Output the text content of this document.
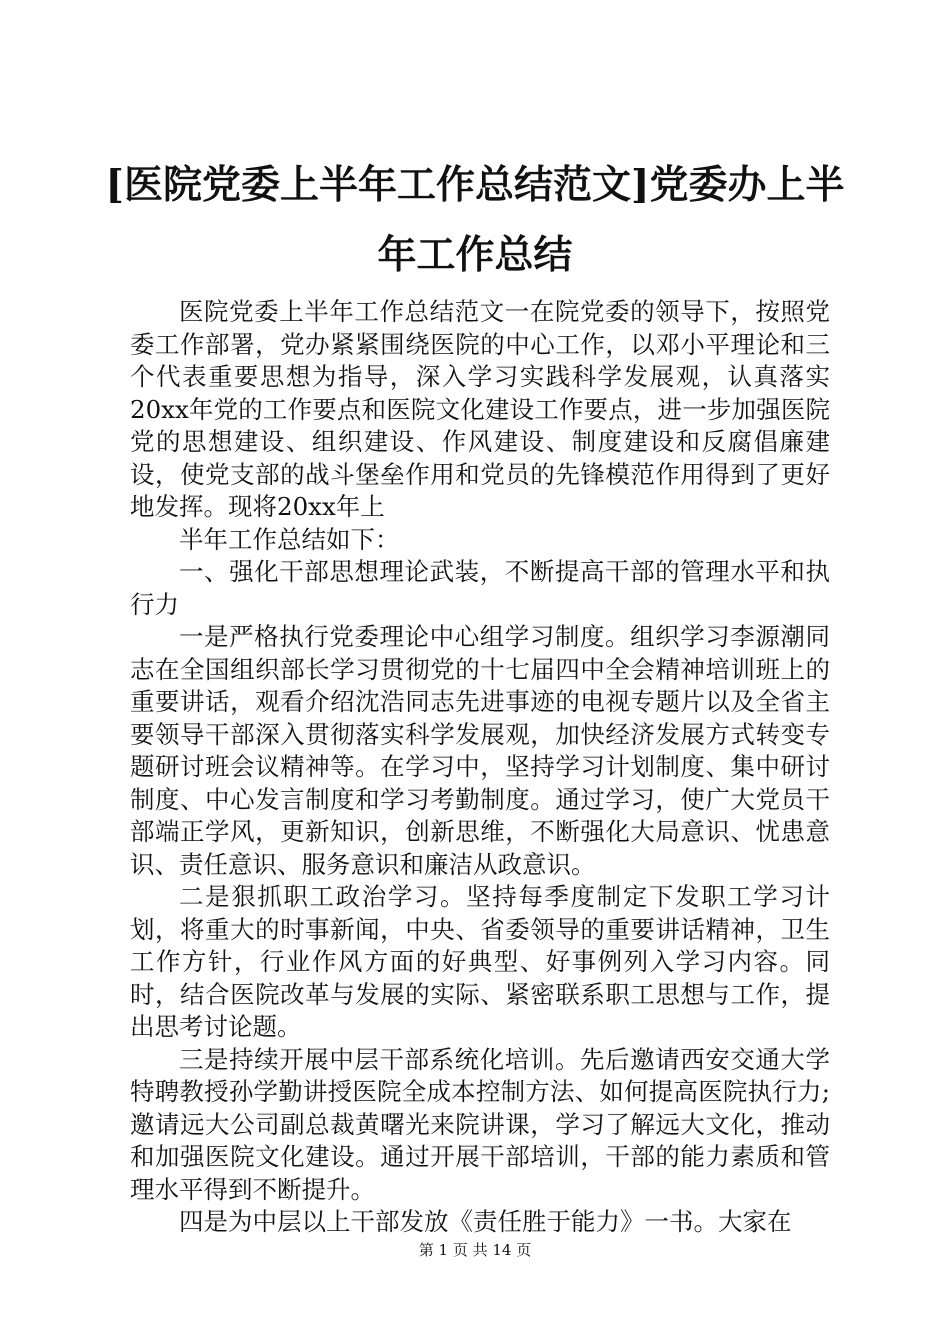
[医院党委上半年工作总结范文]党委办上半年工作总结

医院党委上半年工作总结范文一在院党委的领导下，按照党委工作部署，党办紧紧围绕医院的中心工作，以邓小平理论和三个代表重要思想为指导，深入学习实践科学发展观，认真落实20xx年党的工作要点和医院文化建设工作要点，进一步加强医院党的思想建设、组织建设、作风建设、制度建设和反腐倡廉建设，使党支部的战斗堡垒作用和党员的先锋模范作用得到了更好地发挥。现将20xx年上

半年工作总结如下：

一、强化干部思想理论武装，不断提高干部的管理水平和执行力

一是严格执行党委理论中心组学习制度。组织学习李源潮同志在全国组织部长学习贯彻党的十七届四中全会精神培训班上的重要讲话，观看介绍沈浩同志先进事迹的电视专题片以及全省主要领导干部深入贯彻落实科学发展观，加快经济发展方式转变专题研讨班会议精神等。在学习中，坚持学习计划制度、集中研讨制度、中心发言制度和学习考勤制度。通过学习，使广大党员干部端正学风，更新知识，创新思维，不断强化大局意识、忧患意识、责任意识、服务意识和廉洁从政意识。

二是狠抓职工政治学习。坚持每季度制定下发职工学习计划，将重大的时事新闻，中央、省委领导的重要讲话精神，卫生工作方针，行业作风方面的好典型、好事例列入学习内容。同时，结合医院改革与发展的实际、紧密联系职工思想与工作，提出思考讨论题。

三是持续开展中层干部系统化培训。先后邀请西安交通大学特聘教授孙学勤讲授医院全成本控制方法、如何提高医院执行力;邀请远大公司副总裁黄曙光来院讲课，学习了解远大文化，推动和加强医院文化建设。通过开展干部培训，干部的能力素质和管理水平得到不断提升。

四是为中层以上干部发放《责任胜于能力》一书。大家在

第 1 页 共 14 页
